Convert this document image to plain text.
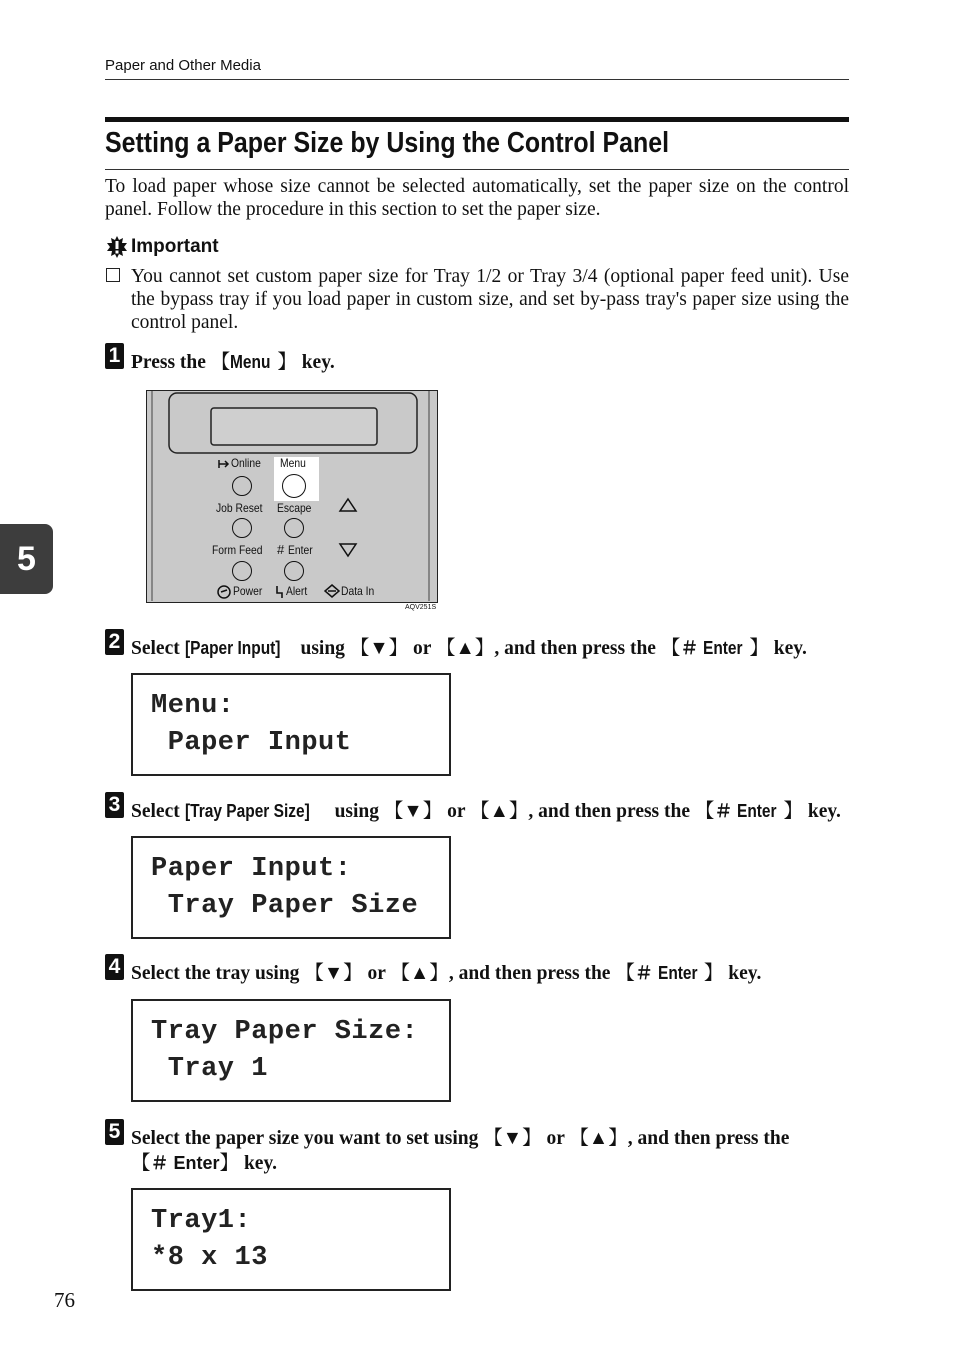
Paper and Other Media
Setting a Paper Size by Using the Control Panel
To load paper whose size cannot be selected automatically, set the paper size on the control panel. Follow the procedure in this section to set the paper size.
Important
You cannot set custom paper size for Tray 1/2 or Tray 3/4 (optional paper feed unit). Use the bypass tray if you load paper in custom size, and set by-pass tray's paper size using the control panel.
1 Press the 【Menu 】 key.
Online	Menu
Job Reset	Escape
Form Feed	# Enter
Power	Alert	Data In
AQV251S
2 Select [Paper Input] using 【▼】 or 【▲】, and then press the 【＃ Enter 】 key.
Menu:
Paper Input
3 Select [Tray Paper Size] using 【▼】 or 【▲】, and then press the 【＃ Enter 】 key.
Paper Input:
Tray Paper Size
4 Select the tray using 【▼】 or 【▲】, and then press the 【＃ Enter 】 key.
Tray Paper Size:
Tray 1
5 Select the paper size you want to set using 【▼】 or 【▲】, and then press the
【＃ Enter】 key.
Tray1:
*8 x 13
5
76
